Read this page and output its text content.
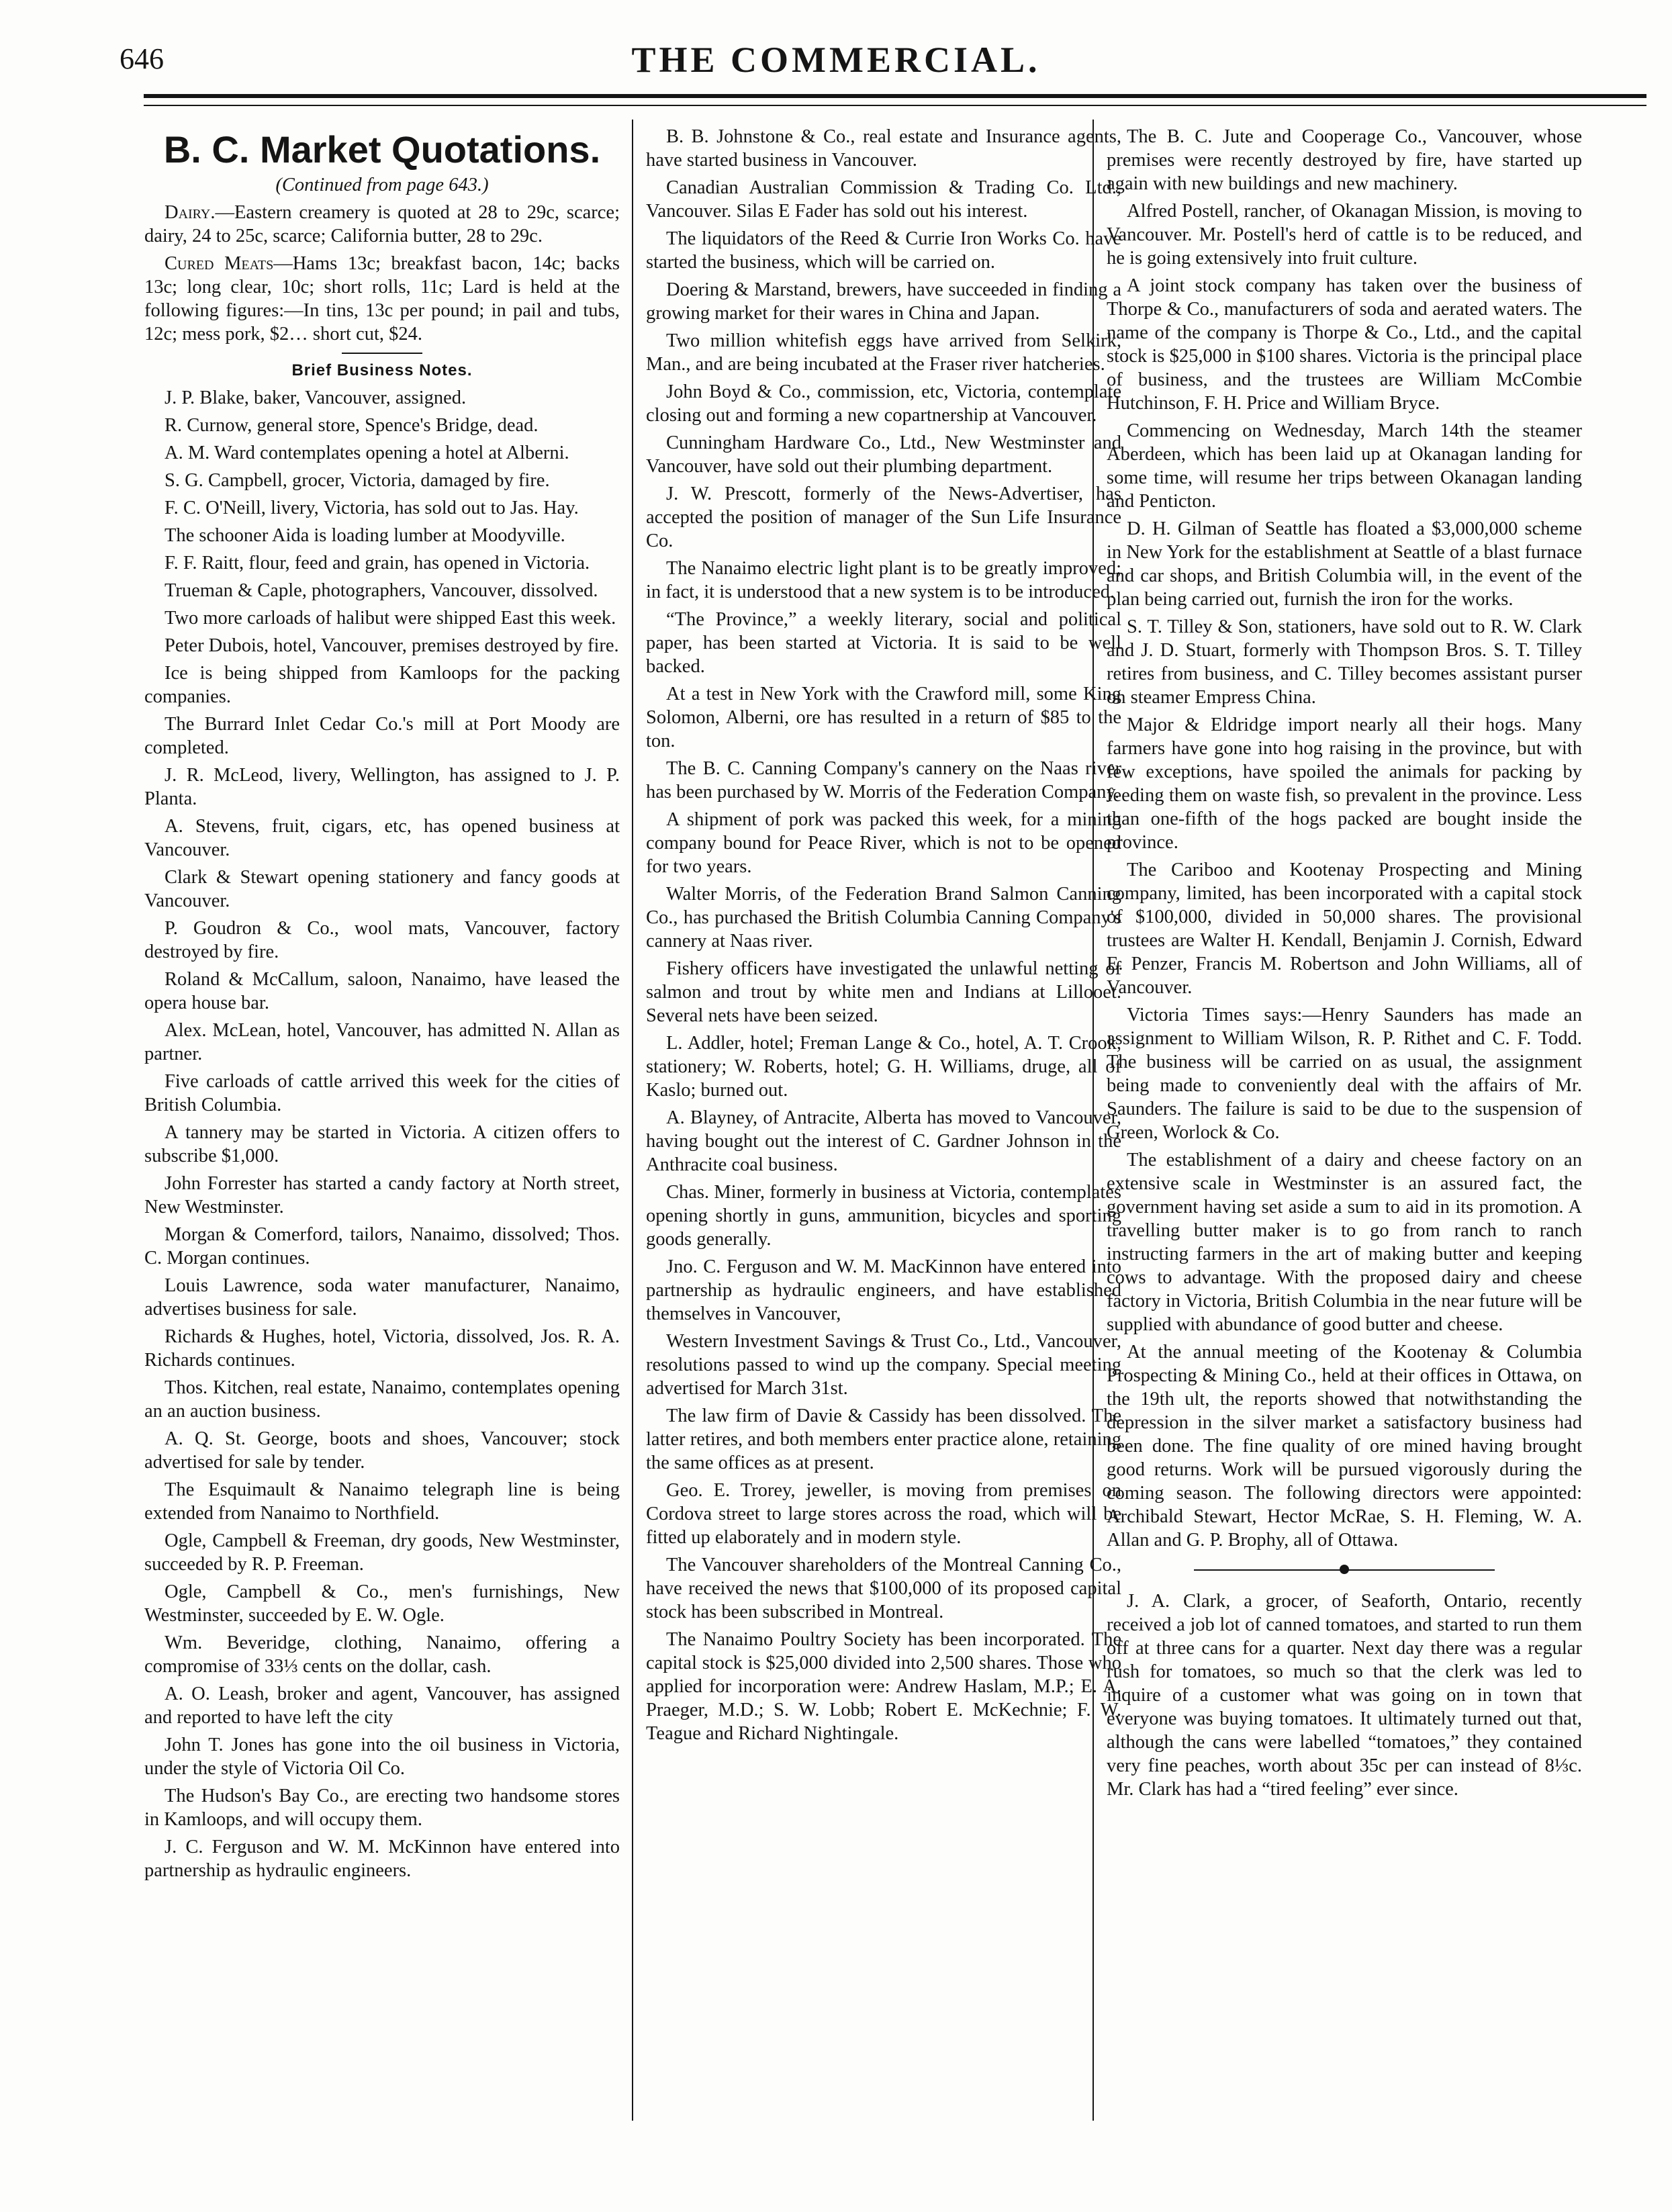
646	THE COMMERCIAL.
B. C. Market Quotations.

(Continued from page 643.)

Dairy.—Eastern creamery is quoted at 28 to 29c, scarce; dairy, 24 to 25c, scarce; California butter, 28 to 29c.

Cured Meats—Hams 13c; breakfast bacon, 14c; backs 13c; long clear, 10c; short rolls, 11c; Lard is held at the following figures:—In tins, 13c per pound; in pail and tubs, 12c; mess pork, $2… short cut, $24.

Brief Business Notes.

J. P. Blake, baker, Vancouver, assigned.

R. Curnow, general store, Spence's Bridge, dead.

A. M. Ward contemplates opening a hotel at Alberni.

S. G. Campbell, grocer, Victoria, damaged by fire.

F. C. O'Neill, livery, Victoria, has sold out to Jas. Hay.

The schooner Aida is loading lumber at Moodyville.

F. F. Raitt, flour, feed and grain, has opened in Victoria.

Trueman & Caple, photographers, Vancouver, dissolved.

Two more carloads of halibut were shipped East this week.

Peter Dubois, hotel, Vancouver, premises destroyed by fire.

Ice is being shipped from Kamloops for the packing companies.

The Burrard Inlet Cedar Co.'s mill at Port Moody are completed.

J. R. McLeod, livery, Wellington, has assigned to J. P. Planta.

A. Stevens, fruit, cigars, etc, has opened business at Vancouver.

Clark & Stewart opening stationery and fancy goods at Vancouver.

P. Goudron & Co., wool mats, Vancouver, factory destroyed by fire.

Roland & McCallum, saloon, Nanaimo, have leased the opera house bar.

Alex. McLean, hotel, Vancouver, has admitted N. Allan as partner.

Five carloads of cattle arrived this week for the cities of British Columbia.

A tannery may be started in Victoria. A citizen offers to subscribe $1,000.

John Forrester has started a candy factory at North street, New Westminster.

Morgan & Comerford, tailors, Nanaimo, dissolved; Thos. C. Morgan continues.

Louis Lawrence, soda water manufacturer, Nanaimo, advertises business for sale.

Richards & Hughes, hotel, Victoria, dissolved, Jos. R. A. Richards continues.

Thos. Kitchen, real estate, Nanaimo, contemplates opening an an auction business.

A. Q. St. George, boots and shoes, Vancouver; stock advertised for sale by tender.

The Esquimault & Nanaimo telegraph line is being extended from Nanaimo to Northfield.

Ogle, Campbell & Freeman, dry goods, New Westminster, succeeded by R. P. Freeman.

Ogle, Campbell & Co., men's furnishings, New Westminster, succeeded by E. W. Ogle.

Wm. Beveridge, clothing, Nanaimo, offering a compromise of 33⅓ cents on the dollar, cash.

A. O. Leash, broker and agent, Vancouver, has assigned and reported to have left the city

John T. Jones has gone into the oil business in Victoria, under the style of Victoria Oil Co.

The Hudson's Bay Co., are erecting two handsome stores in Kamloops, and will occupy them.

J. C. Ferguson and W. M. McKinnon have entered into partnership as hydraulic engineers.

B. B. Johnstone & Co., real estate and Insurance agents, have started business in Vancouver.

Canadian Australian Commission & Trading Co. Ltd., Vancouver. Silas E Fader has sold out his interest.

The liquidators of the Reed & Currie Iron Works Co. have started the business, which will be carried on.

Doering & Marstand, brewers, have succeeded in finding a growing market for their wares in China and Japan.

Two million whitefish eggs have arrived from Selkirk, Man., and are being incubated at the Fraser river hatcheries.

John Boyd & Co., commission, etc, Victoria, contemplate closing out and forming a new copartnership at Vancouver.

Cunningham Hardware Co., Ltd., New Westminster and Vancouver, have sold out their plumbing department.

J. W. Prescott, formerly of the News-Advertiser, has accepted the position of manager of the Sun Life Insurance Co.

The Nanaimo electric light plant is to be greatly improved; in fact, it is understood that a new system is to be introduced.

“The Province,” a weekly literary, social and political paper, has been started at Victoria. It is said to be well backed.

At a test in New York with the Crawford mill, some King Solomon, Alberni, ore has resulted in a return of $85 to the ton.

The B. C. Canning Company's cannery on the Naas river has been purchased by W. Morris of the Federation Company.

A shipment of pork was packed this week, for a mining company bound for Peace River, which is not to be opened for two years.

Walter Morris, of the Federation Brand Salmon Canning Co., has purchased the British Columbia Canning Company's cannery at Naas river.

Fishery officers have investigated the unlawful netting of salmon and trout by white men and Indians at Lillooet. Several nets have been seized.

L. Addler, hotel; Freman Lange & Co., hotel, A. T. Crook, stationery; W. Roberts, hotel; G. H. Williams, druge, all of Kaslo; burned out.

A. Blayney, of Antracite, Alberta has moved to Vancouver, having bought out the interest of C. Gardner Johnson in the Anthracite coal business.

Chas. Miner, formerly in business at Victoria, contemplates opening shortly in guns, ammunition, bicycles and sporting goods generally.

Jno. C. Ferguson and W. M. MacKinnon have entered into partnership as hydraulic engineers, and have established themselves in Vancouver,

Western Investment Savings & Trust Co., Ltd., Vancouver, resolutions passed to wind up the company. Special meeting advertised for March 31st.

The law firm of Davie & Cassidy has been dissolved. The latter retires, and both members enter practice alone, retaining the same offices as at present.

Geo. E. Trorey, jeweller, is moving from premises on Cordova street to large stores across the road, which will be fitted up elaborately and in modern style.

The Vancouver shareholders of the Montreal Canning Co., have received the news that $100,000 of its proposed capital stock has been subscribed in Montreal.

The Nanaimo Poultry Society has been incorporated. The capital stock is $25,000 divided into 2,500 shares. Those who applied for incorporation were: Andrew Haslam, M.P.; E. A. Praeger, M.D.; S. W. Lobb; Robert E. McKechnie; F. W. Teague and Richard Nightingale.

The B. C. Jute and Cooperage Co., Vancouver, whose premises were recently destroyed by fire, have started up again with new buildings and new machinery.

Alfred Postell, rancher, of Okanagan Mission, is moving to Vancouver. Mr. Postell's herd of cattle is to be reduced, and he is going extensively into fruit culture.

A joint stock company has taken over the business of Thorpe & Co., manufacturers of soda and aerated waters. The name of the company is Thorpe & Co., Ltd., and the capital stock is $25,000 in $100 shares. Victoria is the principal place of business, and the trustees are William McCombie Hutchinson, F. H. Price and William Bryce.

Commencing on Wednesday, March 14th the steamer Aberdeen, which has been laid up at Okanagan landing for some time, will resume her trips between Okanagan landing and Penticton.

D. H. Gilman of Seattle has floated a $3,000,000 scheme in New York for the establishment at Seattle of a blast furnace and car shops, and British Columbia will, in the event of the plan being carried out, furnish the iron for the works.

S. T. Tilley & Son, stationers, have sold out to R. W. Clark and J. D. Stuart, formerly with Thompson Bros. S. T. Tilley retires from business, and C. Tilley becomes assistant purser on steamer Empress China.

Major & Eldridge import nearly all their hogs. Many farmers have gone into hog raising in the province, but with few exceptions, have spoiled the animals for packing by feeding them on waste fish, so prevalent in the province. Less than one-fifth of the hogs packed are bought inside the province.

The Cariboo and Kootenay Prospecting and Mining company, limited, has been incorporated with a capital stock of $100,000, divided in 50,000 shares. The provisional trustees are Walter H. Kendall, Benjamin J. Cornish, Edward E. Penzer, Francis M. Robertson and John Williams, all of Vancouver.

Victoria Times says:—Henry Saunders has made an assignment to William Wilson, R. P. Rithet and C. F. Todd. The business will be carried on as usual, the assignment being made to conveniently deal with the affairs of Mr. Saunders. The failure is said to be due to the suspension of Green, Worlock & Co.

The establishment of a dairy and cheese factory on an extensive scale in Westminster is an assured fact, the government having set aside a sum to aid in its promotion. A travelling butter maker is to go from ranch to ranch instructing farmers in the art of making butter and keeping cows to advantage. With the proposed dairy and cheese factory in Victoria, British Columbia in the near future will be supplied with abundance of good butter and cheese.

At the annual meeting of the Kootenay & Columbia Prospecting & Mining Co., held at their offices in Ottawa, on the 19th ult, the reports showed that notwithstanding the depression in the silver market a satisfactory business had been done. The fine quality of ore mined having brought good returns. Work will be pursued vigorously during the coming season. The following directors were appointed: Archibald Stewart, Hector McRae, S. H. Fleming, W. A. Allan and G. P. Brophy, all of Ottawa.

J. A. Clark, a grocer, of Seaforth, Ontario, recently received a job lot of canned tomatoes, and started to run them off at three cans for a quarter. Next day there was a regular rush for tomatoes, so much so that the clerk was led to inquire of a customer what was going on in town that everyone was buying tomatoes. It ultimately turned out that, although the cans were labelled “tomatoes,” they contained very fine peaches, worth about 35c per can instead of 8⅓c. Mr. Clark has had a “tired feeling” ever since.
